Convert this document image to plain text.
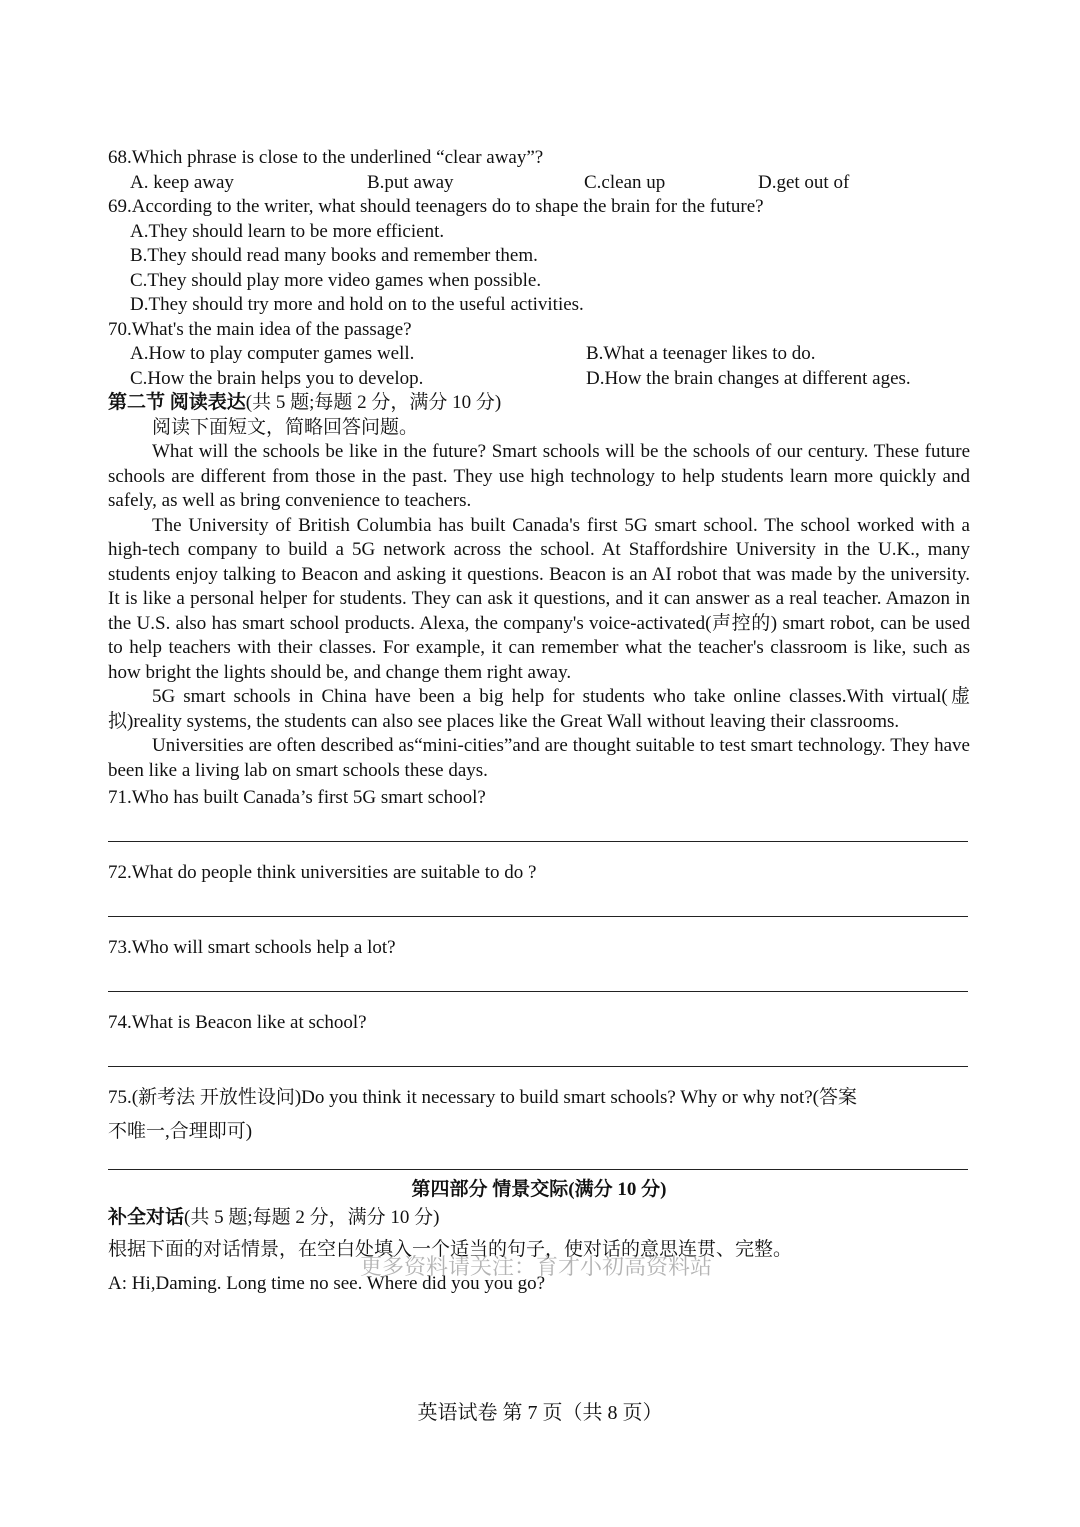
68.Which phrase is close to the underlined “clear away”?
A. keep away	B.put away	C.clean up	D.get out of
69.According to the writer, what should teenagers do to shape the brain for the future?
A.They should learn to be more efficient.
B.They should read many books and remember them.
C.They should play more video games when possible.
D.They should try more and hold on to the useful activities.
70.What's the main idea of the passage?
A.How to play computer games well.	B.What a teenager likes to do.
C.How the brain helps you to develop.	D.How the brain changes at different ages.
第二节 阅读表达(共 5 题;每题 2 分，满分 10 分)
阅读下面短文，简略回答问题。

What will the schools be like in the future? Smart schools will be the schools of our century. These future schools are different from those in the past. They use high technology to help students learn more quickly and safely, as well as bring convenience to teachers.

The University of British Columbia has built Canada's first 5G smart school. The school worked with a high-tech company to build a 5G network across the school. At Staffordshire University in the U.K., many students enjoy talking to Beacon and asking it questions. Beacon is an AI robot that was made by the university. It is like a personal helper for students. They can ask it questions, and it can answer as a real teacher. Amazon in the U.S. also has smart school products. Alexa, the company's voice-activated(声控的) smart robot, can be used to help teachers with their classes. For example, it can remember what the teacher's classroom is like, such as how bright the lights should be, and change them right away.

5G smart schools in China have been a big help for students who take online classes.With virtual(虚拟)reality systems, the students can also see places like the Great Wall without leaving their classrooms.

Universities are often described as“mini-cities”and are thought suitable to test smart technology. They have been like a living lab on smart schools these days.

71.Who has built Canada’s first 5G smart school?
72.What do people think universities are suitable to do ?
73.Who will smart schools help a lot?
74.What is Beacon like at school?
75.(新考法 开放性设问)Do you think it necessary to build smart schools? Why or why not?(答案
不唯一,合理即可)
第四部分 情景交际(满分 10 分)
补全对话(共 5 题;每题 2 分，满分 10 分)
根据下面的对话情景，在空白处填入一个适当的句子，使对话的意思连贯、完整。
A: Hi,Daming. Long time no see. Where did you you go?
更多资料请关注：育才小初高资料站
英语试卷 第 7 页（共 8 页）
